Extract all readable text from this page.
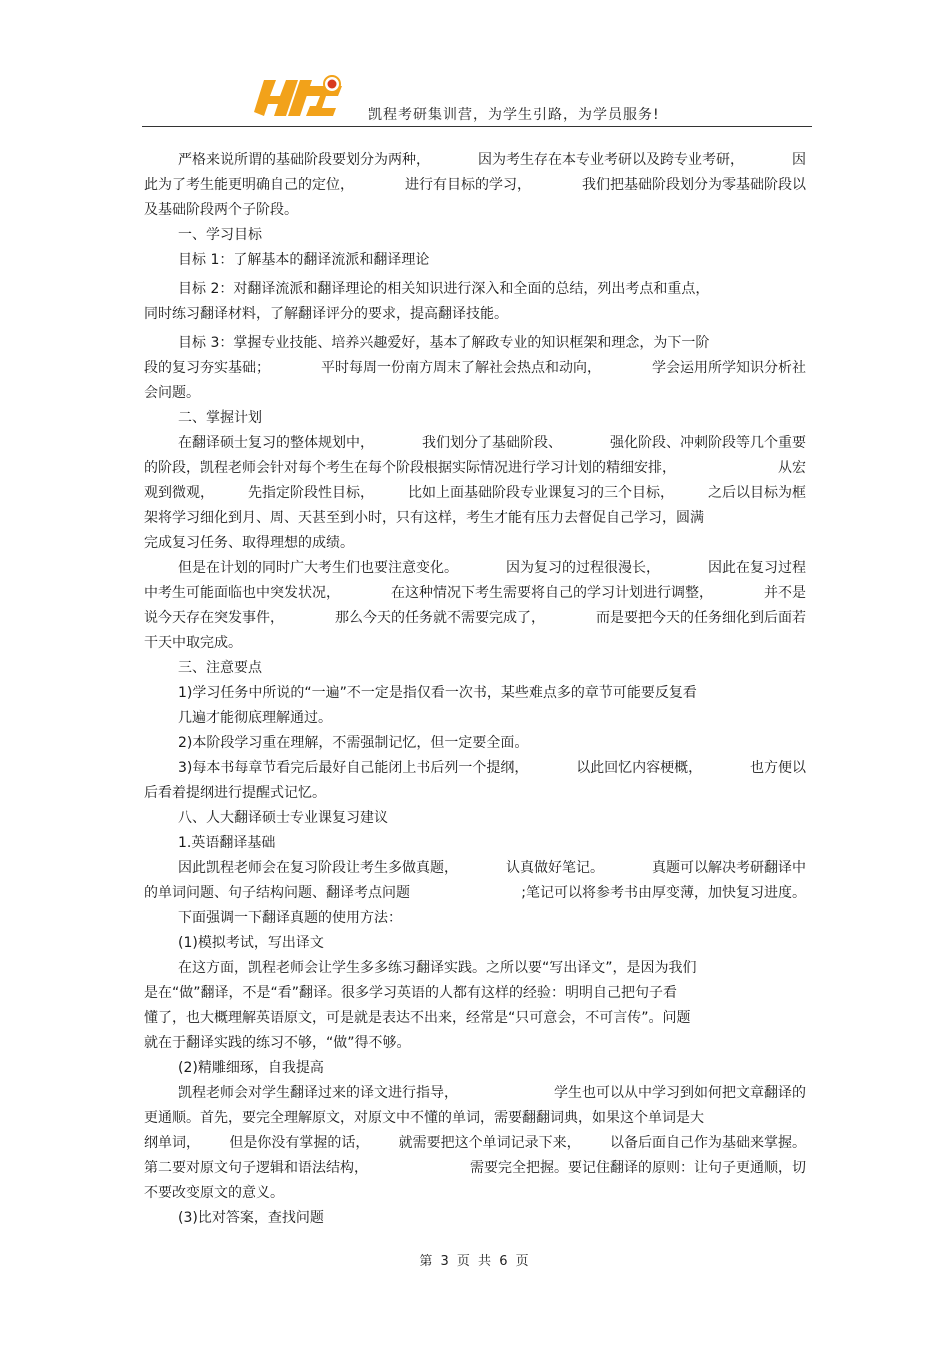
凯程考研集训营，为学生引路，为学员服务!
严格来说所谓的基础阶段要划分为两种，	因为考生存在本专业考研以及跨专业考研，	因
此为了考生能更明确自己的定位，	进行有目标的学习，	我们把基础阶段划分为零基础阶段以
及基础阶段两个子阶段。
一、学习目标
目标 1：了解基本的翻译流派和翻译理论
目标 2：对翻译流派和翻译理论的相关知识进行深入和全面的总结，列出考点和重点，
同时练习翻译材料，了解翻译评分的要求，提高翻译技能。
目标 3：掌握专业技能、培养兴趣爱好，基本了解政专业的知识框架和理念，为下一阶
段的复习夯实基础；	平时每周一份南方周末了解社会热点和动向，	学会运用所学知识分析社
会问题。
二、掌握计划
在翻译硕士复习的整体规划中，	我们划分了基础阶段、	强化阶段、冲刺阶段等几个重要
的阶段，凯程老师会针对每个考生在每个阶段根据实际情况进行学习计划的精细安排，	从宏
观到微观， 先指定阶段性目标， 比如上面基础阶段专业课复习的三个目标， 之后以目标为框
架将学习细化到月、周、天甚至到小时，只有这样，考生才能有压力去督促自己学习，圆满
完成复习任务、取得理想的成绩。
但是在计划的同时广大考生们也要注意变化。	因为复习的过程很漫长，	因此在复习过程
中考生可能面临也中突发状况，	在这种情况下考生需要将自己的学习计划进行调整，	并不是
说今天存在突发事件，	那么今天的任务就不需要完成了，	而是要把今天的任务细化到后面若
干天中取完成。
三、注意要点
1)学习任务中所说的“一遍”不一定是指仅看一次书，某些难点多的章节可能要反复看
几遍才能彻底理解通过。
2)本阶段学习重在理解，不需强制记忆，但一定要全面。
3)每本书每章节看完后最好自己能闭上书后列一个提纲，	以此回忆内容梗概，	也方便以
后看着提纲进行提醒式记忆。
八、人大翻译硕士专业课复习建议
1.英语翻译基础
因此凯程老师会在复习阶段让考生多做真题，	认真做好笔记。	真题可以解决考研翻译中
的单词问题、句子结构问题、翻译考点问题	;笔记可以将参考书由厚变薄，加快复习进度。
下面强调一下翻译真题的使用方法：
(1)模拟考试，写出译文
在这方面，凯程老师会让学生多多练习翻译实践。之所以要“写出译文”，是因为我们
是在“做”翻译，不是“看”翻译。很多学习英语的人都有这样的经验：明明自己把句子看
懂了，也大概理解英语原文，可是就是表达不出来，经常是“只可意会，不可言传”。问题
就在于翻译实践的练习不够，“做”得不够。
(2)精雕细琢，自我提高
凯程老师会对学生翻译过来的译文进行指导，	学生也可以从中学习到如何把文章翻译的
更通顺。首先，要完全理解原文，对原文中不懂的单词，需要翻翻词典，如果这个单词是大
纲单词， 但是你没有掌握的话， 就需要把这个单词记录下来， 以备后面自己作为基础来掌握。
第二要对原文句子逻辑和语法结构，	需要完全把握。要记住翻译的原则：让句子更通顺，切
不要改变原文的意义。
(3)比对答案，查找问题
第 3 页 共 6 页
